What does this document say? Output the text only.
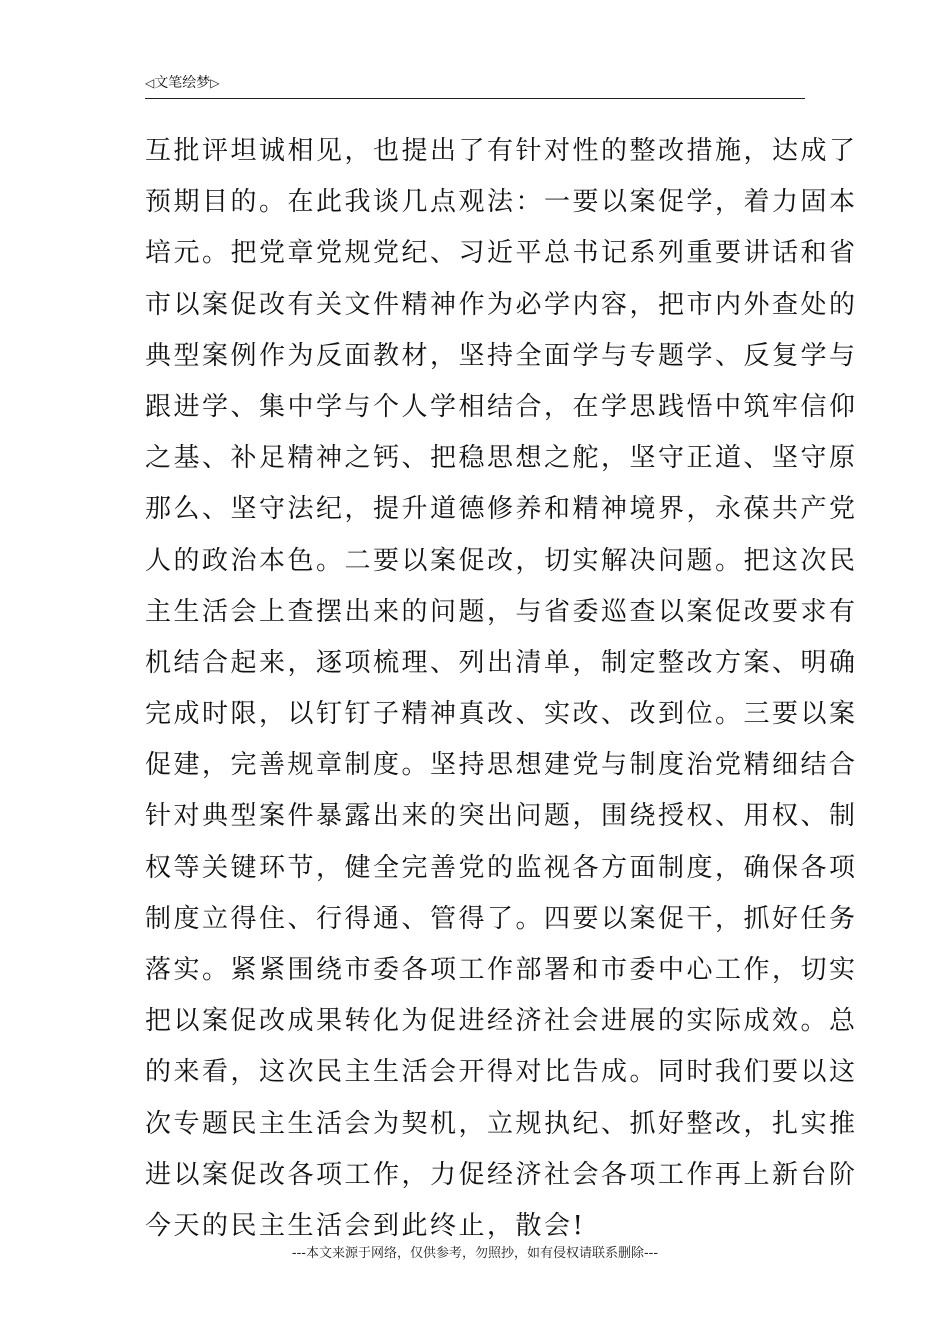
◁文笔绘梦▷
互批评坦诚相见，也提出了有针对性的整改措施，达成了
预期目的。在此我谈几点观法：一要以案促学，着力固本
培元。把党章党规党纪、习近平总书记系列重要讲话和省
市以案促改有关文件精神作为必学内容，把市内外查处的
典型案例作为反面教材，坚持全面学与专题学、反复学与
跟进学、集中学与个人学相结合，在学思践悟中筑牢信仰
之基、补足精神之钙、把稳思想之舵，坚守正道、坚守原
那么、坚守法纪，提升道德修养和精神境界，永葆共产党
人的政治本色。二要以案促改，切实解决问题。把这次民
主生活会上查摆出来的问题，与省委巡查以案促改要求有
机结合起来，逐项梳理、列出清单，制定整改方案、明确
完成时限，以钉钉子精神真改、实改、改到位。三要以案
促建，完善规章制度。坚持思想建党与制度治党精细结合
针对典型案件暴露出来的突出问题，围绕授权、用权、制
权等关键环节，健全完善党的监视各方面制度，确保各项
制度立得住、行得通、管得了。四要以案促干，抓好任务
落实。紧紧围绕市委各项工作部署和市委中心工作，切实
把以案促改成果转化为促进经济社会进展的实际成效。总
的来看，这次民主生活会开得对比告成。同时我们要以这
次专题民主生活会为契机，立规执纪、抓好整改，扎实推
进以案促改各项工作，力促经济社会各项工作再上新台阶
今天的民主生活会到此终止，散会!
---本文来源于网络，仅供参考，勿照抄，如有侵权请联系删除---
